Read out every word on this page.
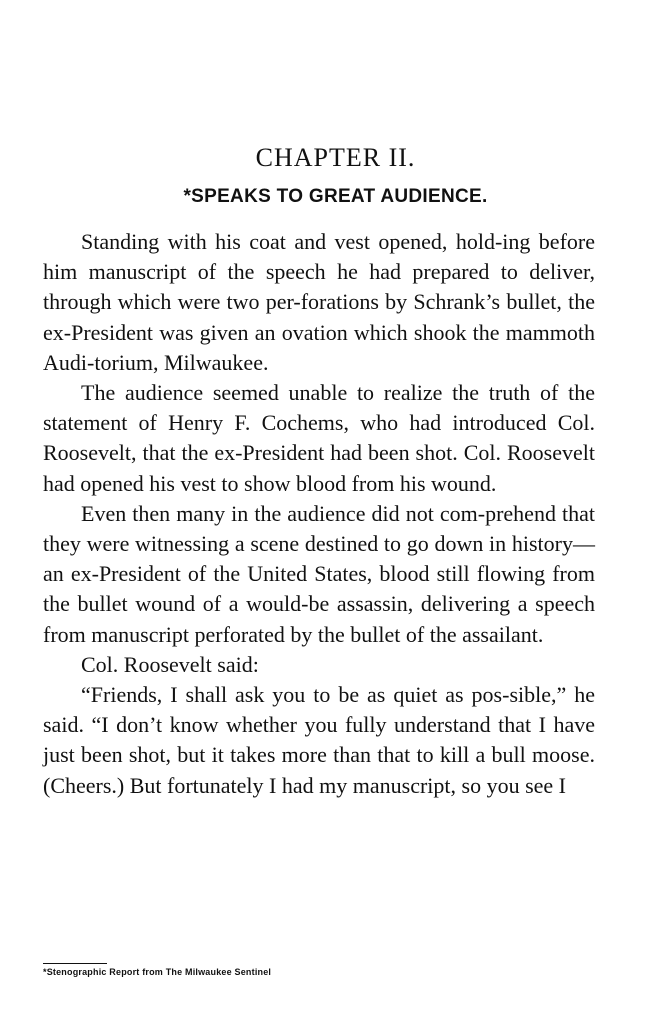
CHAPTER II.
*SPEAKS TO GREAT AUDIENCE.

Standing with his coat and vest opened, hold-ing before him manuscript of the speech he had prepared to deliver, through which were two per-forations by Schrank’s bullet, the ex-President was given an ovation which shook the mammoth Audi-torium, Milwaukee.

The audience seemed unable to realize the truth of the statement of Henry F. Cochems, who had introduced Col. Roosevelt, that the ex-President had been shot. Col. Roosevelt had opened his vest to show blood from his wound.

Even then many in the audience did not com-prehend that they were witnessing a scene destined to go down in history—an ex-President of the United States, blood still flowing from the bullet wound of a would-be assassin, delivering a speech from manuscript perforated by the bullet of the assailant.

Col. Roosevelt said:

“Friends, I shall ask you to be as quiet as pos-sible,” he said. “I don’t know whether you fully understand that I have just been shot, but it takes more than that to kill a bull moose. (Cheers.) But fortunately I had my manuscript, so you see I

*Stenographic Report from The Milwaukee Sentinel
